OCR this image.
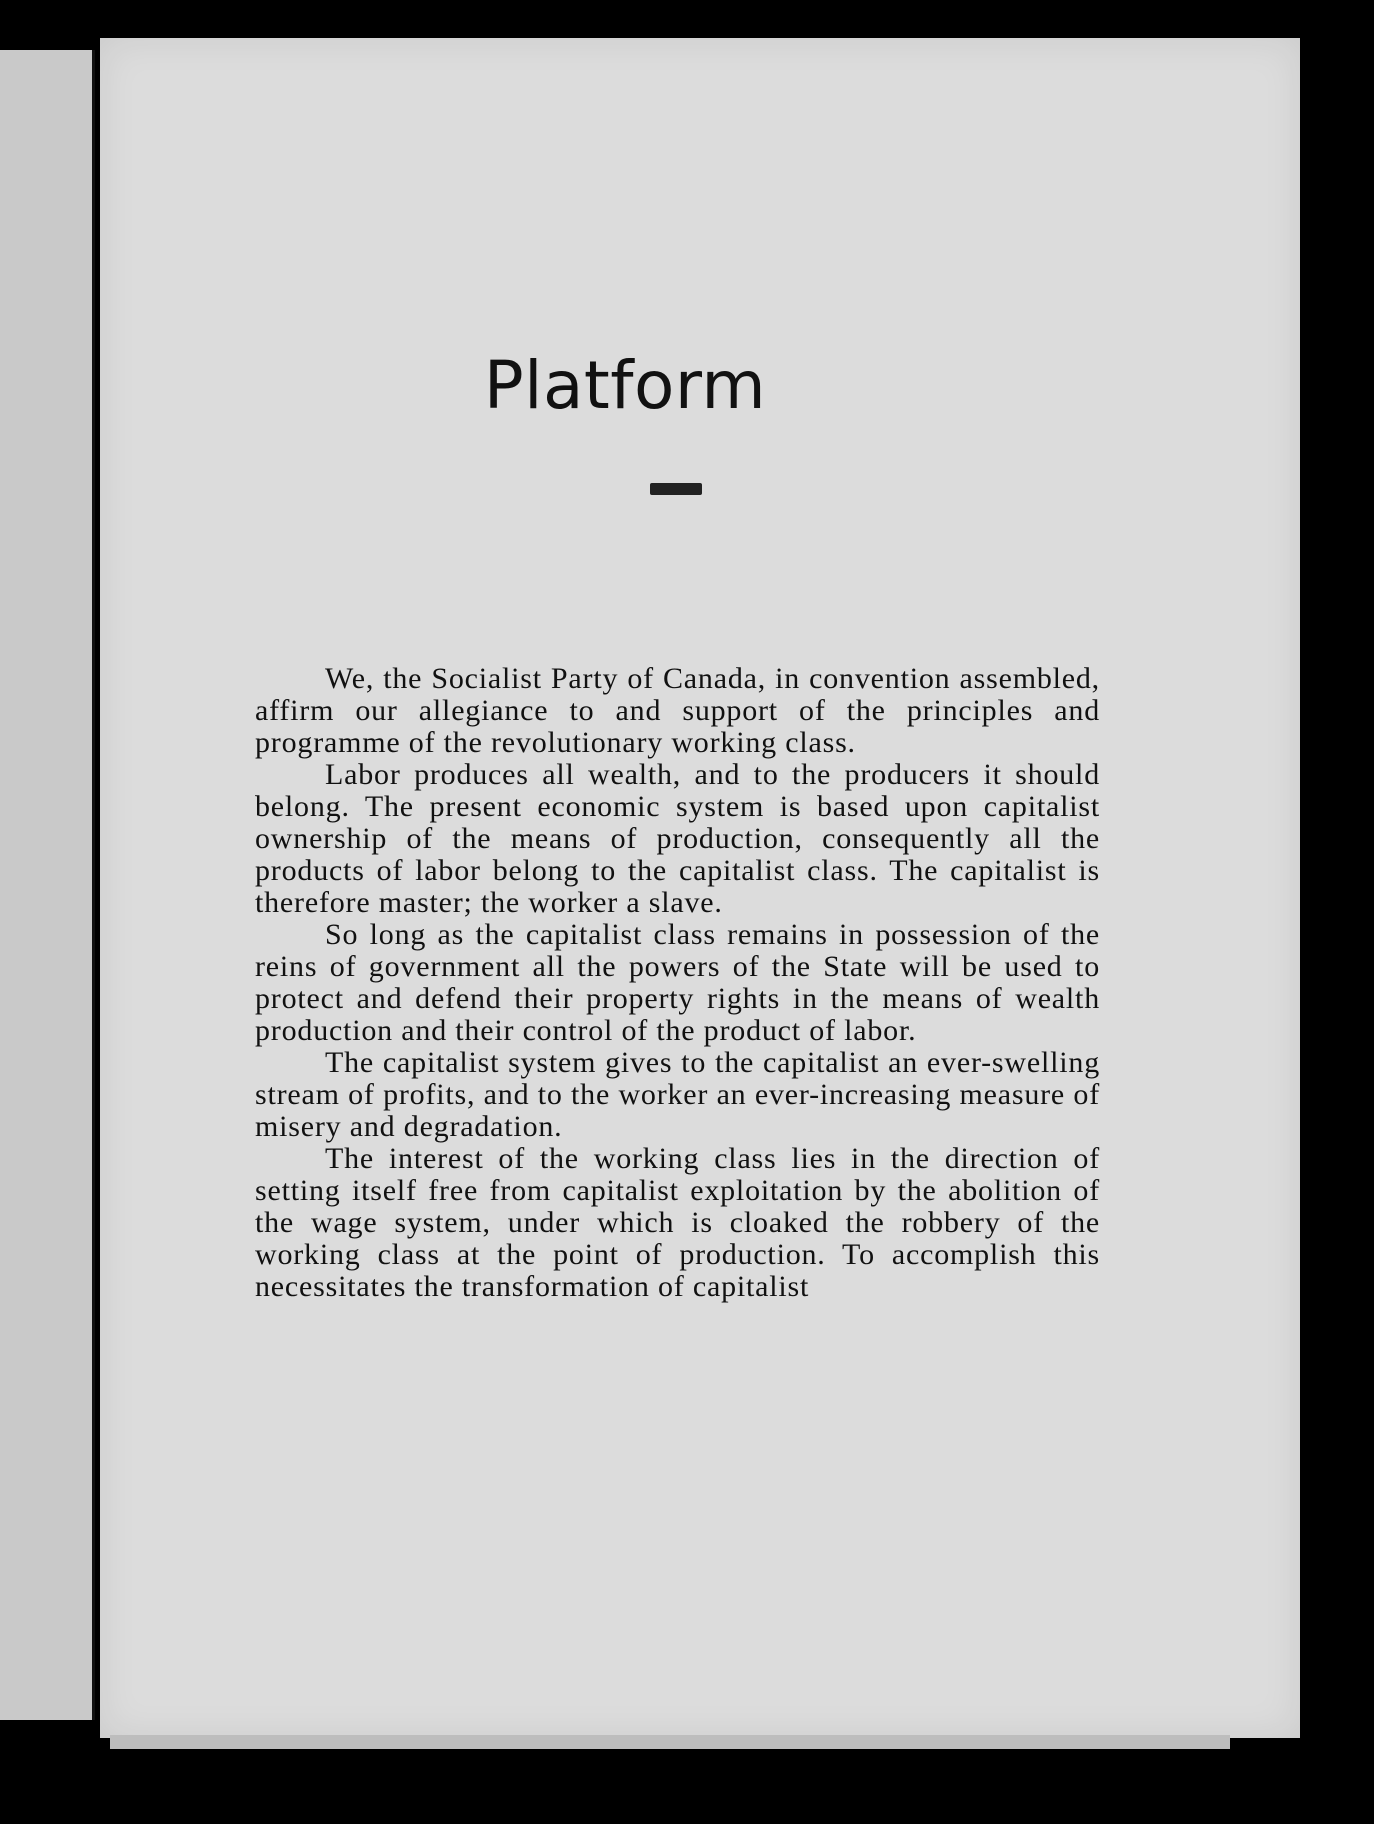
Platform

We, the Socialist Party of Canada, in convention assembled, affirm our allegiance to and support of the principles and programme of the revolutionary working class.

Labor produces all wealth, and to the producers it should belong. The present economic system is based upon capitalist ownership of the means of production, consequently all the products of labor belong to the capitalist class. The capitalist is therefore master; the worker a slave.

So long as the capitalist class remains in possession of the reins of government all the powers of the State will be used to protect and defend their property rights in the means of wealth production and their control of the product of labor.

The capitalist system gives to the capitalist an ever-swelling stream of profits, and to the worker an ever-increasing measure of misery and degradation.

The interest of the working class lies in the direction of setting itself free from capitalist exploitation by the abolition of the wage system, under which is cloaked the robbery of the working class at the point of production. To accomplish this necessitates the transformation of capitalist
